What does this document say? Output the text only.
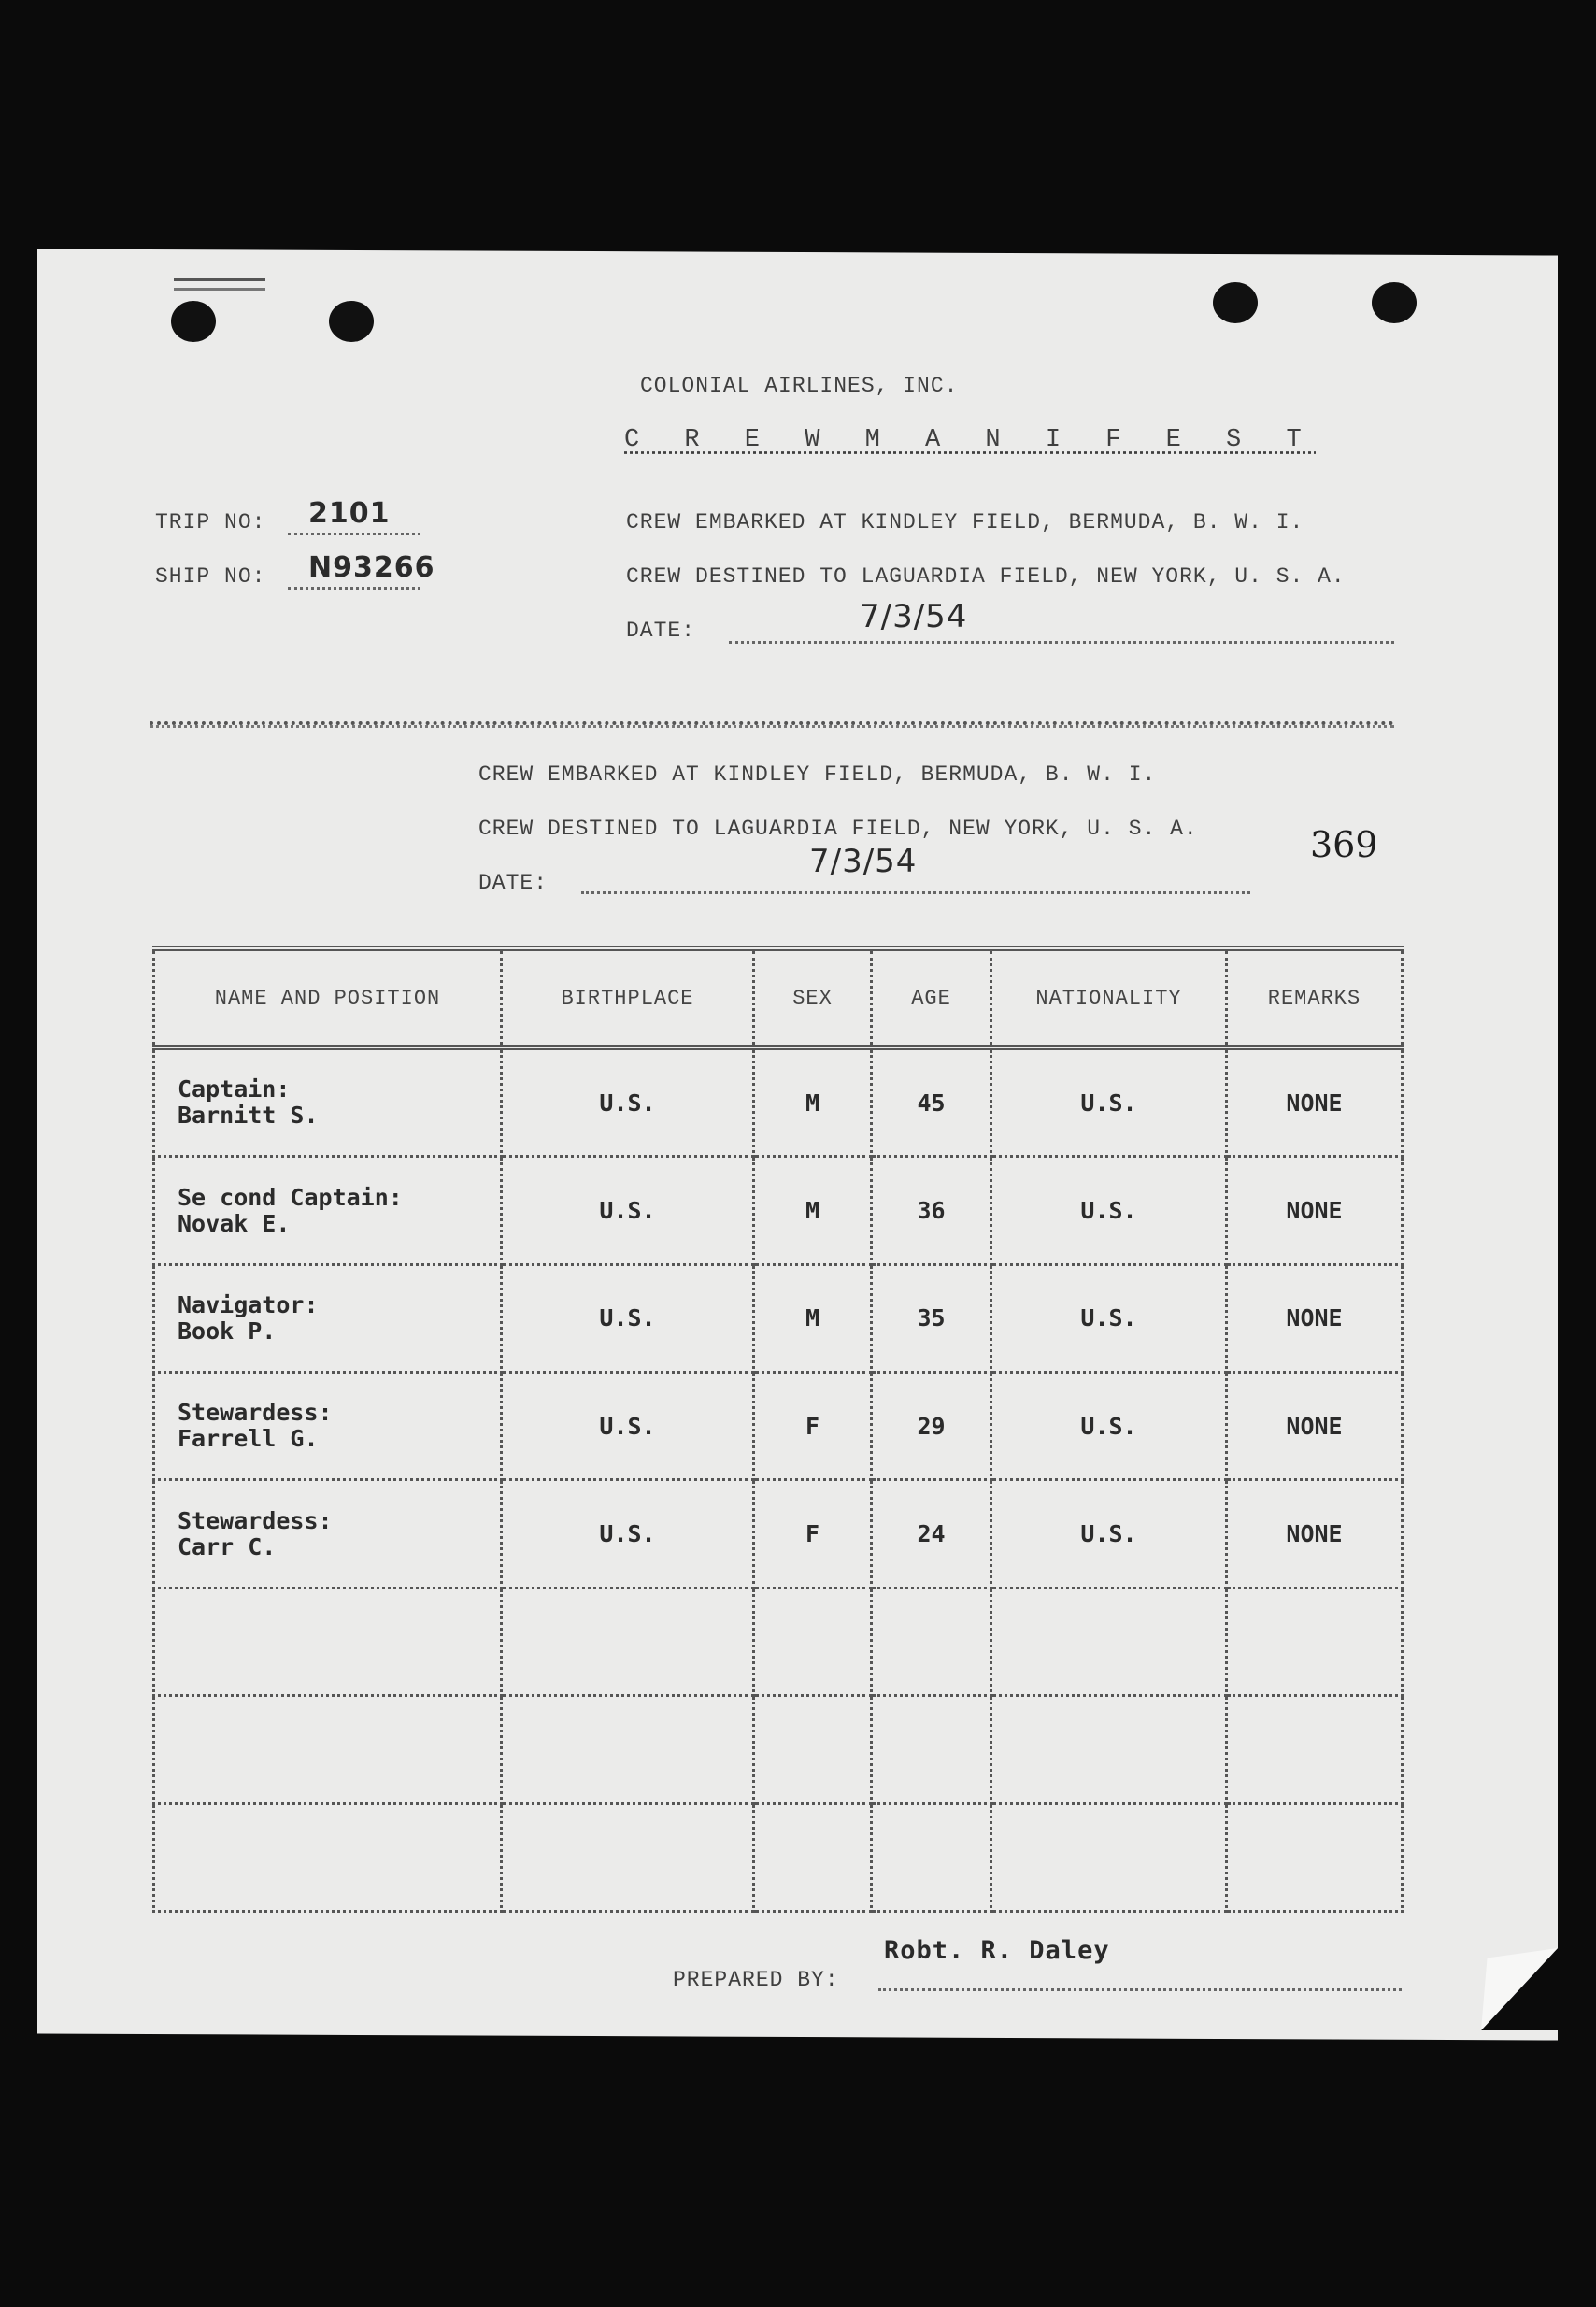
COLONIAL AIRLINES, INC.
C R E W M A N I F E S T
TRIP NO: 2101
SHIP NO: N93266
CREW EMBARKED AT KINDLEY FIELD, BERMUDA, B. W. I.
CREW DESTINED TO LAGUARDIA FIELD, NEW YORK, U. S. A.
DATE:	7/3/54
CREW EMBARKED AT KINDLEY FIELD, BERMUDA, B. W. I.
CREW DESTINED TO LAGUARDIA FIELD, NEW YORK, U. S. A.
DATE:
7/3/54	369
NAME AND POSITION	BIRTHPLACE	SEX	AGE	NATIONALITY	REMARKS

Captain:
Barnitt S.	U.S.	M	45	U.S.	NONE

Se cond Captain:
Novak E.	U.S.	M	36	U.S.	NONE

Navigator:
Book P.	U.S.	M	35	U.S.	NONE

Stewardess:
Farrell G.	U.S.	F	29	U.S.	NONE

Stewardess:
Carr C.	U.S.	F	24	U.S.	NONE

PREPARED BY:
Robt. R. Daley
